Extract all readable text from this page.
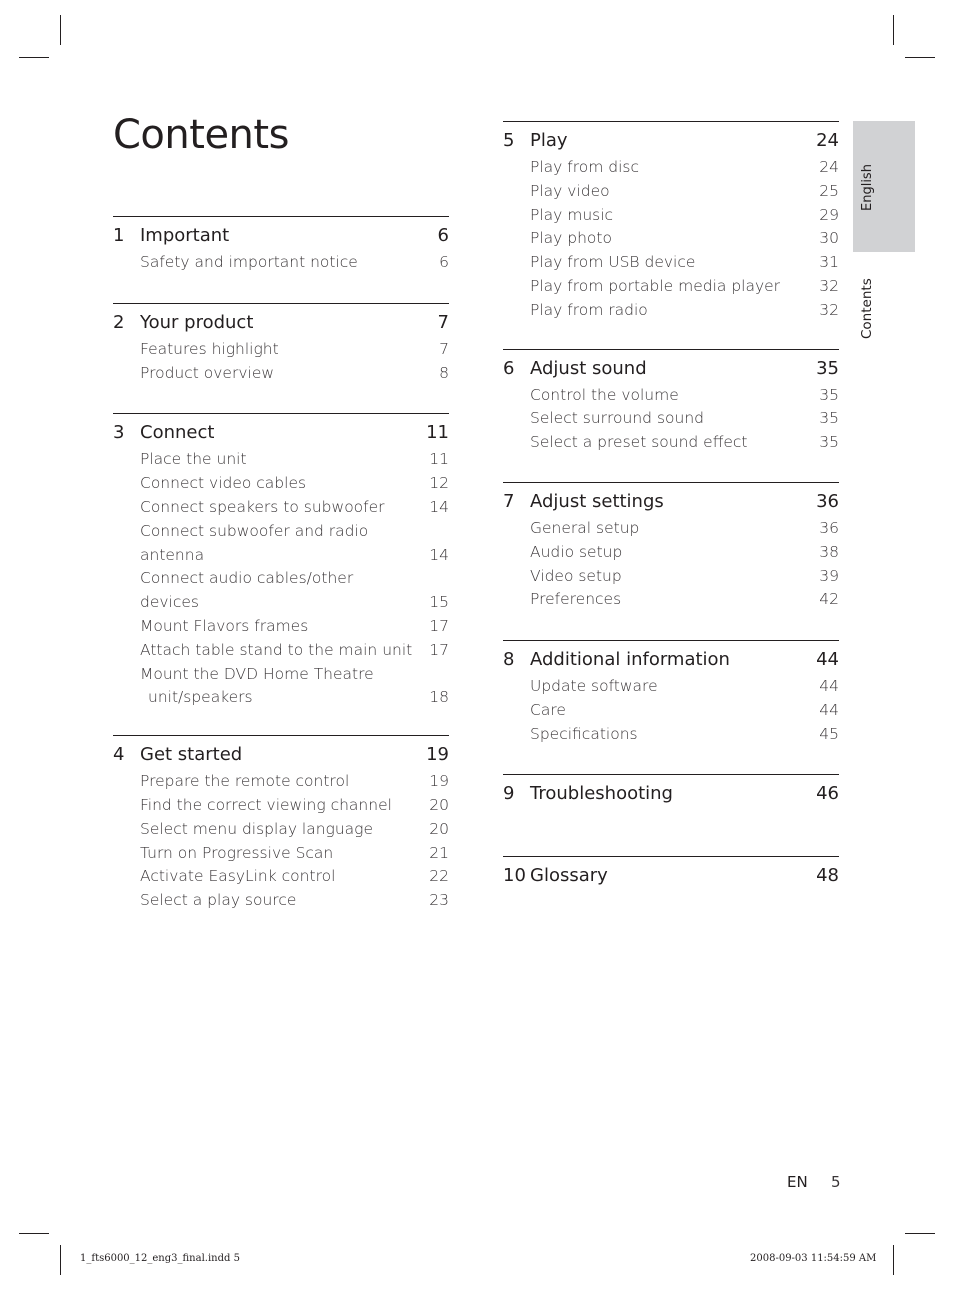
Contents
1 Important	6
Safety and important notice	6
2 Your product	7
Features highlight	7
Product overview	8
3 Connect	11
Place the unit	11
Connect video cables	12
Connect speakers to subwoofer	14
Connect subwoofer and radio antenna	14
Connect audio cables/other devices	15
Mount Flavors frames	17
Attach table stand to the main unit	17
Mount the DVD Home Theatre
unit/speakers	18
4 Get started	19
Prepare the remote control	19
Find the correct viewing channel	20
Select menu display language	20
Turn on Progressive Scan	21
Activate EasyLink control	22
Select a play source	23
5 Play	24
Play from disc	24
Play video	25
Play music	29
Play photo	30
Play from USB device	31
Play from portable media player	32
Play from radio	32
6 Adjust sound	35
Control the volume	35
Select surround sound	35
Select a preset sound effect	35
7 Adjust settings	36
General setup	36
Audio setup	38
Video setup	39
Preferences	42
8 Additional information	44
Update software	44
Care	44
Specifications	45
9 Troubleshooting	46
10 Glossary	48
English
Contents
EN 5
1_fts6000_12_eng3_final.indd 5	2008-09-03 11:54:59 AM
